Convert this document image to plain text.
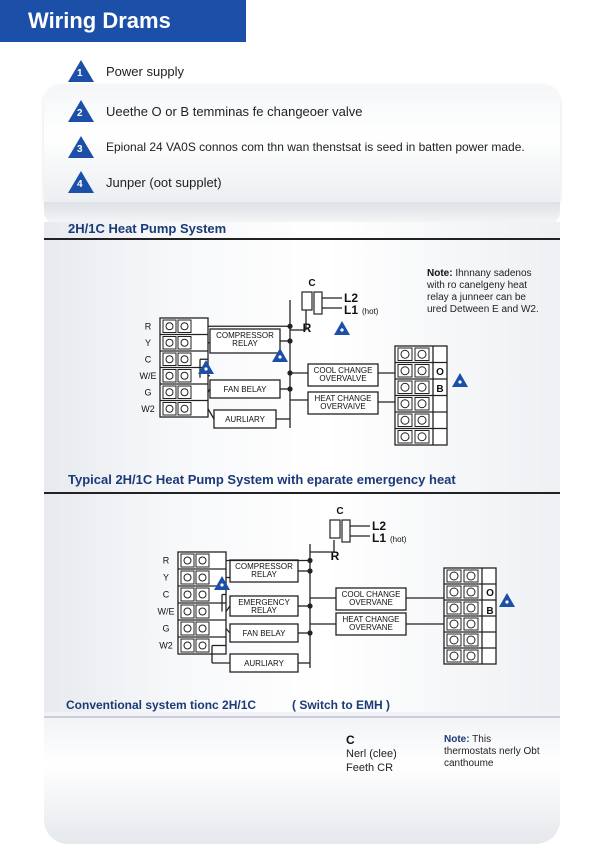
Wiring Drams
1 Power supply
2 Ueethe O or B temminas fe changeoer valve
3 Epional 24 VA0S connos com thn wan thenstsat is seed in batten power made.
4 Junper (oot supplet)
2H/1C Heat Pump System
Note: Ihnnany sadenos with ro canelgeny heat relay a junneer can be ured Detween E and W2.
Typical 2H/1C Heat Pump System with eparate emergency heat
Conventional system tionc 2H/1C	( Switch to EMH )
C
Nerl (clee)
Feeth CR
Note: This
thermostats nerly Obt canthoume
R
Y
C
W/E
G
W2
COMPRESSOR
RELAY
FAN BELAY
AURLIARY
COOL CHANGE
OVERVALVE
HEAT CHANGE
OVERVAIVE
C
L2
L1 (hot)
R
O
B
R
Y
C
W/E
G
W2
COMPRESSOR
RELAY
EMERGENCY
RELAY
FAN BELAY
AURLIARY
COOL CHANGE
OVERVANE
HEAT CHANGE
OVERVANE
C
L2
L1 (hot)
R
O
B
